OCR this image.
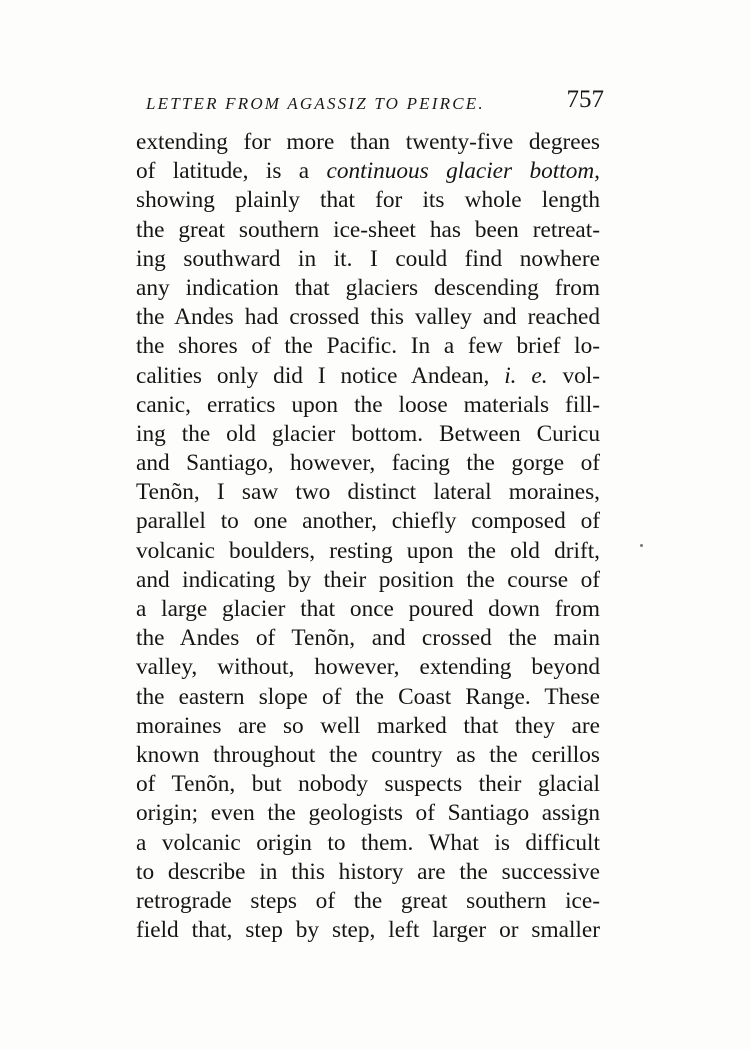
LETTER FROM AGASSIZ TO PEIRCE.	757
extending for more than twenty-five degrees
of latitude, is a continuous glacier bottom,
showing plainly that for its whole length
the great southern ice-sheet has been retreat-
ing southward in it. I could find nowhere
any indication that glaciers descending from
the Andes had crossed this valley and reached
the shores of the Pacific. In a few brief lo-
calities only did I notice Andean, i. e. vol-
canic, erratics upon the loose materials fill-
ing the old glacier bottom. Between Curicu
and Santiago, however, facing the gorge of
Tenõn, I saw two distinct lateral moraines,
parallel to one another, chiefly composed of
volcanic boulders, resting upon the old drift,
and indicating by their position the course of
a large glacier that once poured down from
the Andes of Tenõn, and crossed the main
valley, without, however, extending beyond
the eastern slope of the Coast Range. These
moraines are so well marked that they are
known throughout the country as the cerillos
of Tenõn, but nobody suspects their glacial
origin; even the geologists of Santiago assign
a volcanic origin to them. What is difficult
to describe in this history are the successive
retrograde steps of the great southern ice-
field that, step by step, left larger or smaller
